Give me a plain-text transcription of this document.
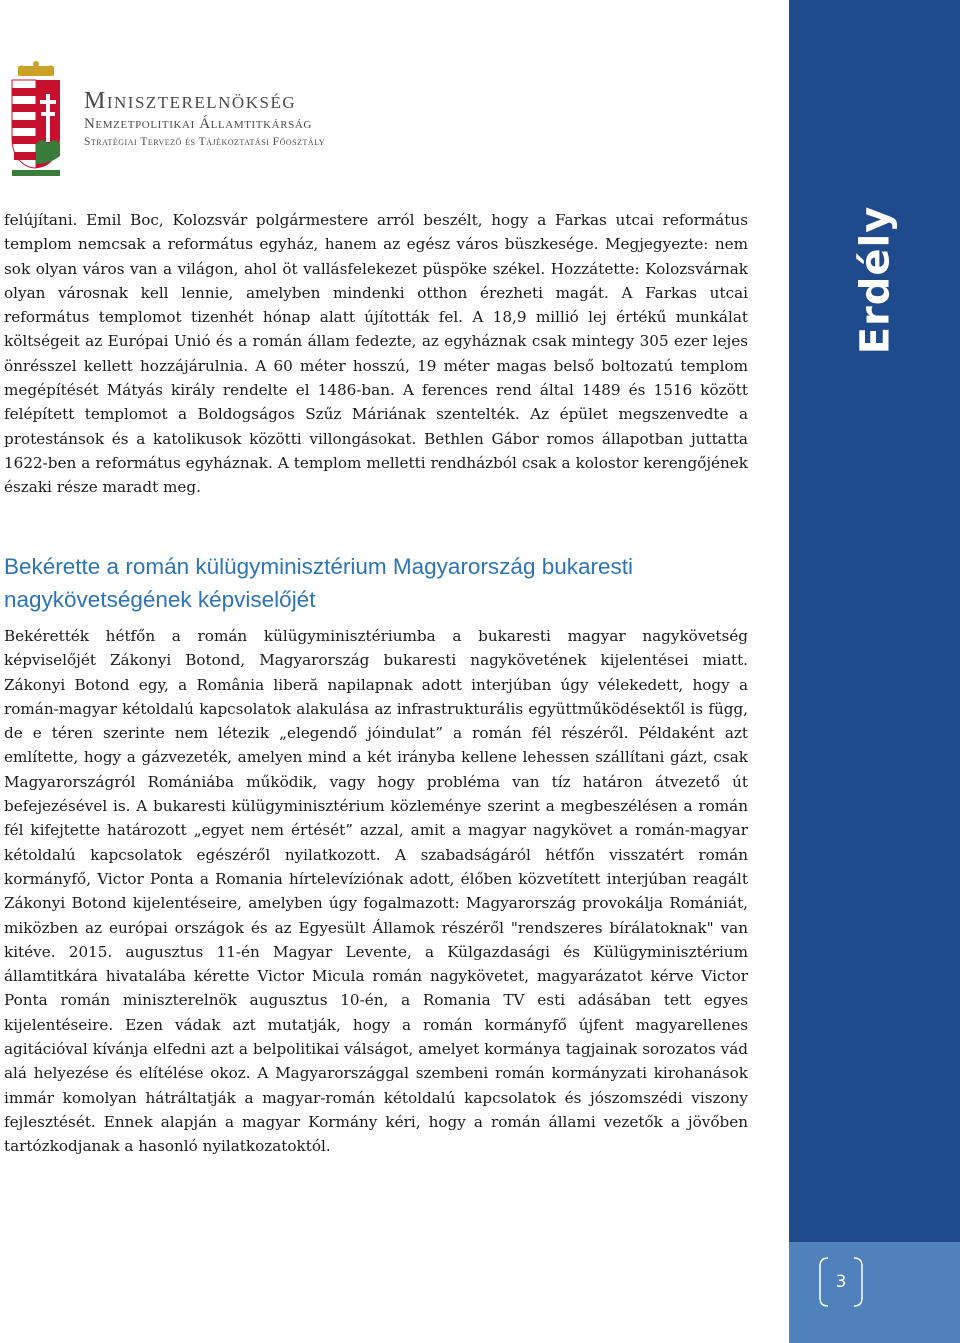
Miniszterelnökség
Nemzetpolitikai Államtitkárság
Stratégiai Tervező és Tájékoztatási Főosztály
Erdély
3

felújítani. Emil Boc, Kolozsvár polgármestere arról beszélt, hogy a Farkas utcai református templom nemcsak a református egyház, hanem az egész város büszkesége. Megjegyezte: nem sok olyan város van a világon, ahol öt vallásfelekezet püspöke székel. Hozzátette: Kolozsvárnak olyan városnak kell lennie, amelyben mindenki otthon érezheti magát. A Farkas utcai református templomot tizenhét hónap alatt újították fel. A 18,9 millió lej értékű munkálat költségeit az Európai Unió és a román állam fedezte, az egyháznak csak mintegy 305 ezer lejes önrésszel kellett hozzájárulnia. A 60 méter hosszú, 19 méter magas belső boltozatú templom megépítését Mátyás király rendelte el 1486-ban. A ferences rend által 1489 és 1516 között felépített templomot a Boldogságos Szűz Máriának szentelték. Az épület megszenvedte a protestánsok és a katolikusok közötti villongásokat. Bethlen Gábor romos állapotban juttatta 1622-ben a református egyháznak. A templom melletti rendházból csak a kolostor kerengőjének északi része maradt meg.

Bekérette a román külügyminisztérium Magyarország bukaresti nagykövetségének képviselőjét

Bekérették hétfőn a román külügyminisztériumba a bukaresti magyar nagykövetség képviselőjét Zákonyi Botond, Magyarország bukaresti nagykövetének kijelentései miatt. Zákonyi Botond egy, a România liberă napilapnak adott interjúban úgy vélekedett, hogy a román-magyar kétoldalú kapcsolatok alakulása az infrastrukturális együttműködésektől is függ, de e téren szerinte nem létezik „elegendő jóindulat” a román fél részéről. Példaként azt említette, hogy a gázvezeték, amelyen mind a két irányba kellene lehessen szállítani gázt, csak Magyarországról Romániába működik, vagy hogy probléma van tíz határon átvezető út befejezésével is. A bukaresti külügyminisztérium közleménye szerint a megbeszélésen a román fél kifejtette határozott „egyet nem értését” azzal, amit a magyar nagykövet a román-magyar kétoldalú kapcsolatok egészéről nyilatkozott. A szabadságáról hétfőn visszatért román kormányfő, Victor Ponta a Romania hírtelevíziónak adott, élőben közvetített interjúban reagált Zákonyi Botond kijelentéseire, amelyben úgy fogalmazott: Magyarország provokálja Romániát, miközben az európai országok és az Egyesült Államok részéről "rendszeres bírálatoknak" van kitéve. 2015. augusztus 11-én Magyar Levente, a Külgazdasági és Külügyminisztérium államtitkára hivatalába kérette Victor Micula román nagykövetet, magyarázatot kérve Victor Ponta román miniszterelnök augusztus 10-én, a Romania TV esti adásában tett egyes kijelentéseire. Ezen vádak azt mutatják, hogy a román kormányfő újfent magyarellenes agitációval kívánja elfedni azt a belpolitikai válságot, amelyet kormánya tagjainak sorozatos vád alá helyezése és elítélése okoz. A Magyarországgal szembeni román kormányzati kirohanások immár komolyan hátráltatják a magyar-román kétoldalú kapcsolatok és jószomszédi viszony fejlesztését. Ennek alapján a magyar Kormány kéri, hogy a román állami vezetők a jövőben tartózkodjanak a hasonló nyilatkozatoktól.
